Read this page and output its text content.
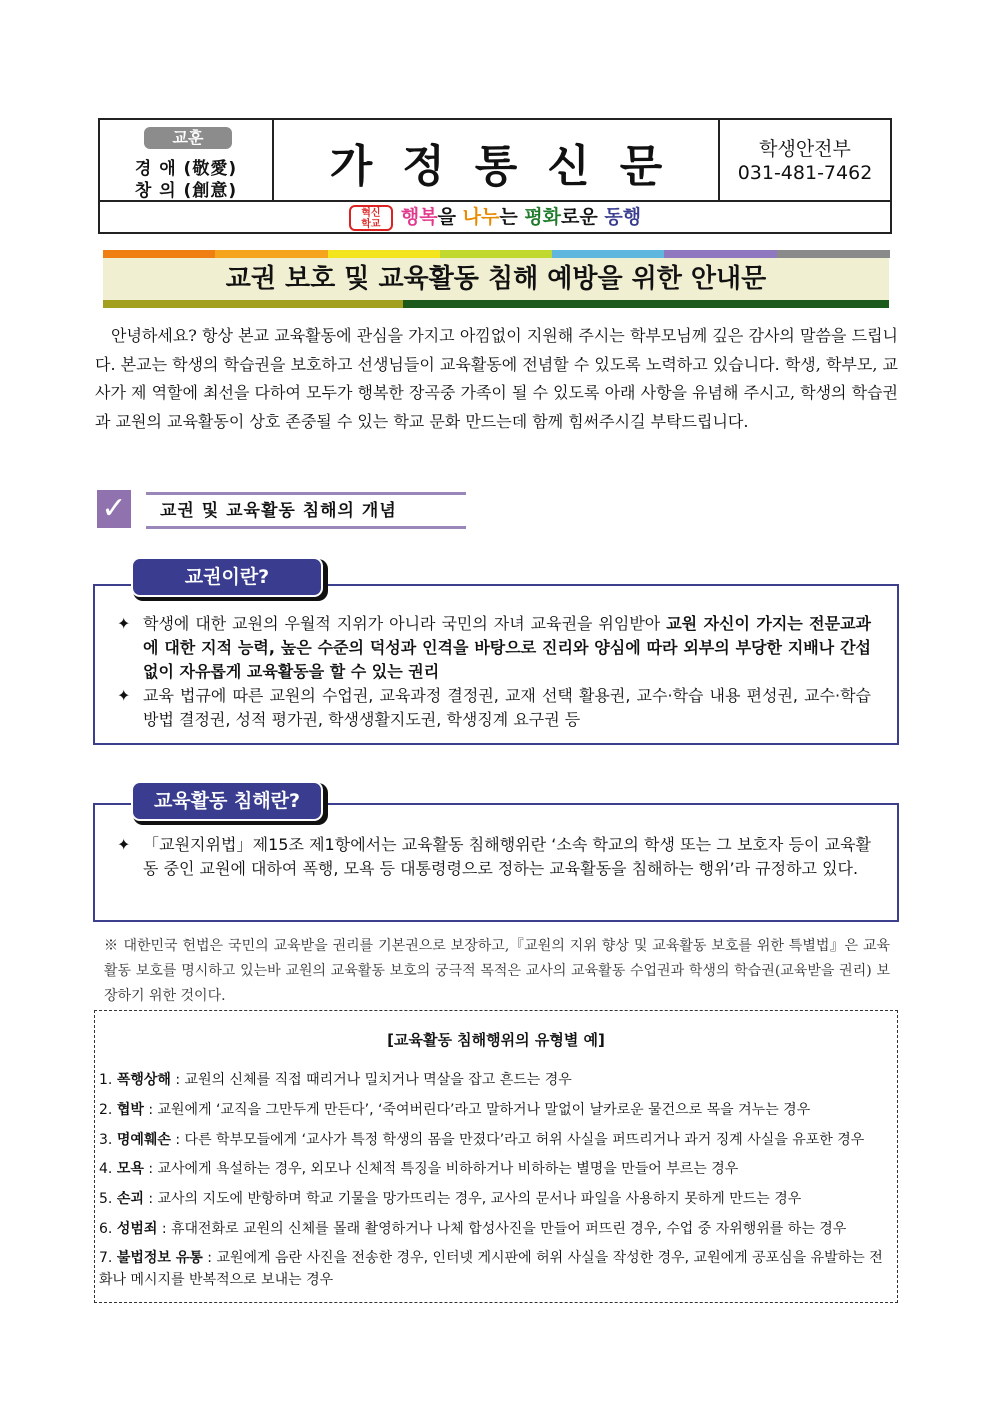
교훈
경 애 (敬愛)
창 의 (創意)	가정통신문	학생안전부
031-481-7462
혁신
학교 행복을 나누는 평화로운 동행
교권 보호 및 교육활동 침해 예방을 위한 안내문
안녕하세요? 항상 본교 교육활동에 관심을 가지고 아낌없이 지원해 주시는 학부모님께 깊은 감사의 말씀을 드립니다. 본교는 학생의 학습권을 보호하고 선생님들이 교육활동에 전념할 수 있도록 노력하고 있습니다. 학생, 학부모, 교사가 제 역할에 최선을 다하여 모두가 행복한 장곡중 가족이 될 수 있도록 아래 사항을 유념해 주시고, 학생의 학습권과 교원의 교육활동이 상호 존중될 수 있는 학교 문화 만드는데 함께 힘써주시길 부탁드립니다.
✓	교권 및 교육활동 침해의 개념
✦ 학생에 대한 교원의 우월적 지위가 아니라 국민의 자녀 교육권을 위임받아 교원 자신이 가지는 전문교과에 대한 지적 능력, 높은 수준의 덕성과 인격을 바탕으로 진리와 양심에 따라 외부의 부당한 지배나 간섭 없이 자유롭게 교육활동을 할 수 있는 권리
✦ 교육 법규에 따른 교원의 수업권, 교육과정 결정권, 교재 선택 활용권, 교수·학습 내용 편성권, 교수·학습 방법 결정권, 성적 평가권, 학생생활지도권, 학생징계 요구권 등
교권이란?
✦ 「교원지위법」제15조 제1항에서는 교육활동 침해행위란 ‘소속 학교의 학생 또는 그 보호자 등이 교육활동 중인 교원에 대하여 폭행, 모욕 등 대통령령으로 정하는 교육활동을 침해하는 행위’라 규정하고 있다.
교육활동 침해란?
※ 대한민국 헌법은 국민의 교육받을 권리를 기본권으로 보장하고,『교원의 지위 향상 및 교육활동 보호를 위한 특별법』은 교육활동 보호를 명시하고 있는바 교원의 교육활동 보호의 궁극적 목적은 교사의 교육활동 수업권과 학생의 학습권(교육받을 권리) 보장하기 위한 것이다.
[교육활동 침해행위의 유형별 예]
1. 폭행상해 : 교원의 신체를 직접 때리거나 밀치거나 멱살을 잡고 흔드는 경우
2. 협박 : 교원에게 ‘교직을 그만두게 만든다’, ‘죽여버린다’라고 말하거나 말없이 날카로운 물건으로 목을 겨누는 경우
3. 명예훼손 : 다른 학부모들에게 ‘교사가 특정 학생의 몸을 만졌다’라고 허위 사실을 퍼뜨리거나 과거 징계 사실을 유포한 경우
4. 모욕 : 교사에게 욕설하는 경우, 외모나 신체적 특징을 비하하거나 비하하는 별명을 만들어 부르는 경우
5. 손괴 : 교사의 지도에 반항하며 학교 기물을 망가뜨리는 경우, 교사의 문서나 파일을 사용하지 못하게 만드는 경우
6. 성범죄 : 휴대전화로 교원의 신체를 몰래 촬영하거나 나체 합성사진을 만들어 퍼뜨린 경우, 수업 중 자위행위를 하는 경우
7. 불법정보 유통 : 교원에게 음란 사진을 전송한 경우, 인터넷 게시판에 허위 사실을 작성한 경우, 교원에게 공포심을 유발하는 전화나 메시지를 반복적으로 보내는 경우
